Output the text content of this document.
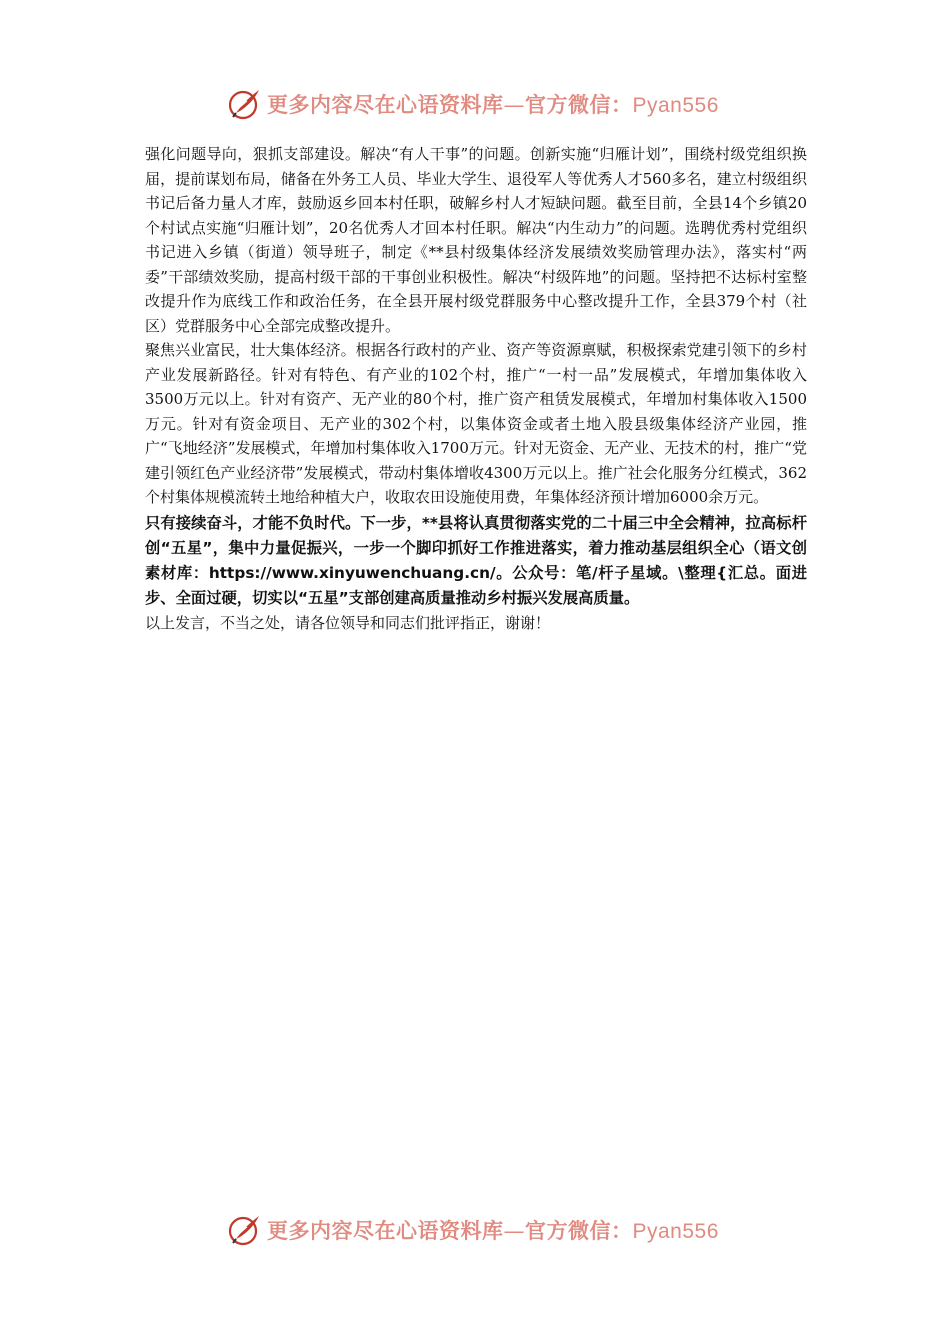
更多内容尽在心语资料库—官方微信：Pyan556

强化问题导向，狠抓支部建设。解决“有人干事”的问题。创新实施“归雁计划”，围绕村级党组织换届，提前谋划布局，储备在外务工人员、毕业大学生、退役军人等优秀人才560多名，建立村级组织书记后备力量人才库，鼓励返乡回本村任职，破解乡村人才短缺问题。截至目前，全县14个乡镇20个村试点实施“归雁计划”，20名优秀人才回本村任职。解决“内生动力”的问题。选聘优秀村党组织书记进入乡镇（街道）领导班子，制定《**县村级集体经济发展绩效奖励管理办法》，落实村“两委”干部绩效奖励，提高村级干部的干事创业积极性。解决“村级阵地”的问题。坚持把不达标村室整改提升作为底线工作和政治任务，在全县开展村级党群服务中心整改提升工作，全县379个村（社区）党群服务中心全部完成整改提升。

聚焦兴业富民，壮大集体经济。根据各行政村的产业、资产等资源禀赋，积极探索党建引领下的乡村产业发展新路径。针对有特色、有产业的102个村，推广“一村一品”发展模式，年增加集体收入3500万元以上。针对有资产、无产业的80个村，推广资产租赁发展模式，年增加村集体收入1500万元。针对有资金项目、无产业的302个村，以集体资金或者土地入股县级集体经济产业园，推广“飞地经济”发展模式，年增加村集体收入1700万元。针对无资金、无产业、无技术的村，推广“党建引领红色产业经济带”发展模式，带动村集体增收4300万元以上。推广社会化服务分红模式，362个村集体规模流转土地给种植大户，收取农田设施使用费，年集体经济预计增加6000余万元。

只有接续奋斗，才能不负时代。下一步，**县将认真贯彻落实党的二十届三中全会精神，拉高标杆创“五星”，集中力量促振兴，一步一个脚印抓好工作推进落实，着力推动基层组织全心（语文创素材库：https://www.xinyuwenchuang.cn/。公众号：笔/杆子星域。\整理{汇总。面进步、全面过硬，切实以“五星”支部创建高质量推动乡村振兴发展高质量。

以上发言，不当之处，请各位领导和同志们批评指正，谢谢！

更多内容尽在心语资料库—官方微信：Pyan556
